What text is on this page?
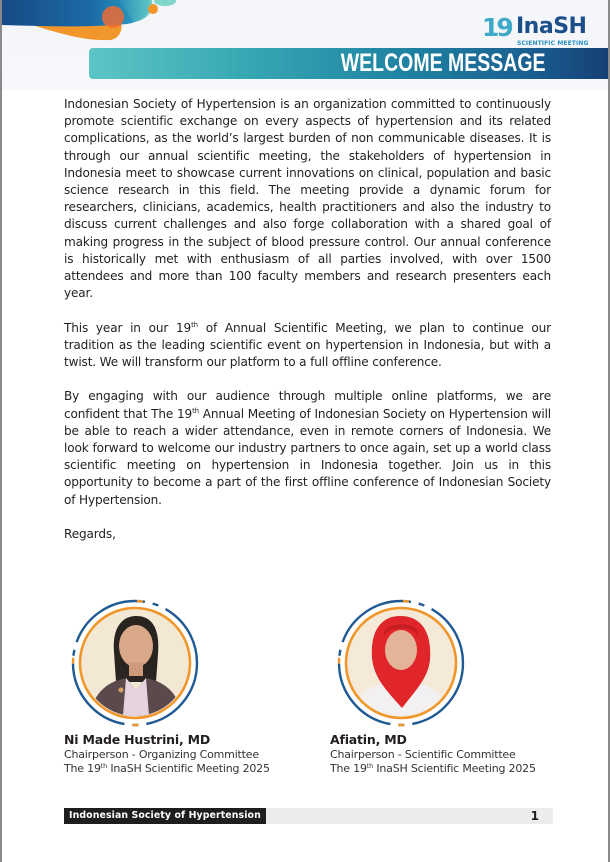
19 InaSH
SCIENTIFIC MEETING
WELCOME MESSAGE

Indonesian Society of Hypertension is an organization committed to continuously promote scientific exchange on every aspects of hypertension and its related complications, as the world’s largest burden of non communicable diseases. It is through our annual scientific meeting, the stakeholders of hypertension in Indonesia meet to showcase current innovations on clinical, population and basic science research in this field. The meeting provide a dynamic forum for researchers, clinicians, academics, health practitioners and also the industry to discuss current challenges and also forge collaboration with a shared goal of making progress in the subject of blood pressure control. Our annual conference is historically met with enthusiasm of all parties involved, with over 1500 attendees and more than 100 faculty members and research presenters each year.

This year in our 19th of Annual Scientific Meeting, we plan to continue our tradition as the leading scientific event on hypertension in Indonesia, but with a twist. We will transform our platform to a full offline conference.

By engaging with our audience through multiple online platforms, we are confident that The 19th Annual Meeting of Indonesian Society on Hypertension will be able to reach a wider attendance, even in remote corners of Indonesia. We look forward to welcome our industry partners to once again, set up a world class scientific meeting on hypertension in Indonesia together. Join us in this opportunity to become a part of the first offline conference of Indonesian Society of Hypertension.

Regards,

Ni Made Hustrini, MD
Chairperson - Organizing Committee
The 19th InaSH Scientific Meeting 2025
Afiatin, MD
Chairperson - Scientific Committee
The 19th InaSH Scientific Meeting 2025
Indonesian Society of Hypertension	1
